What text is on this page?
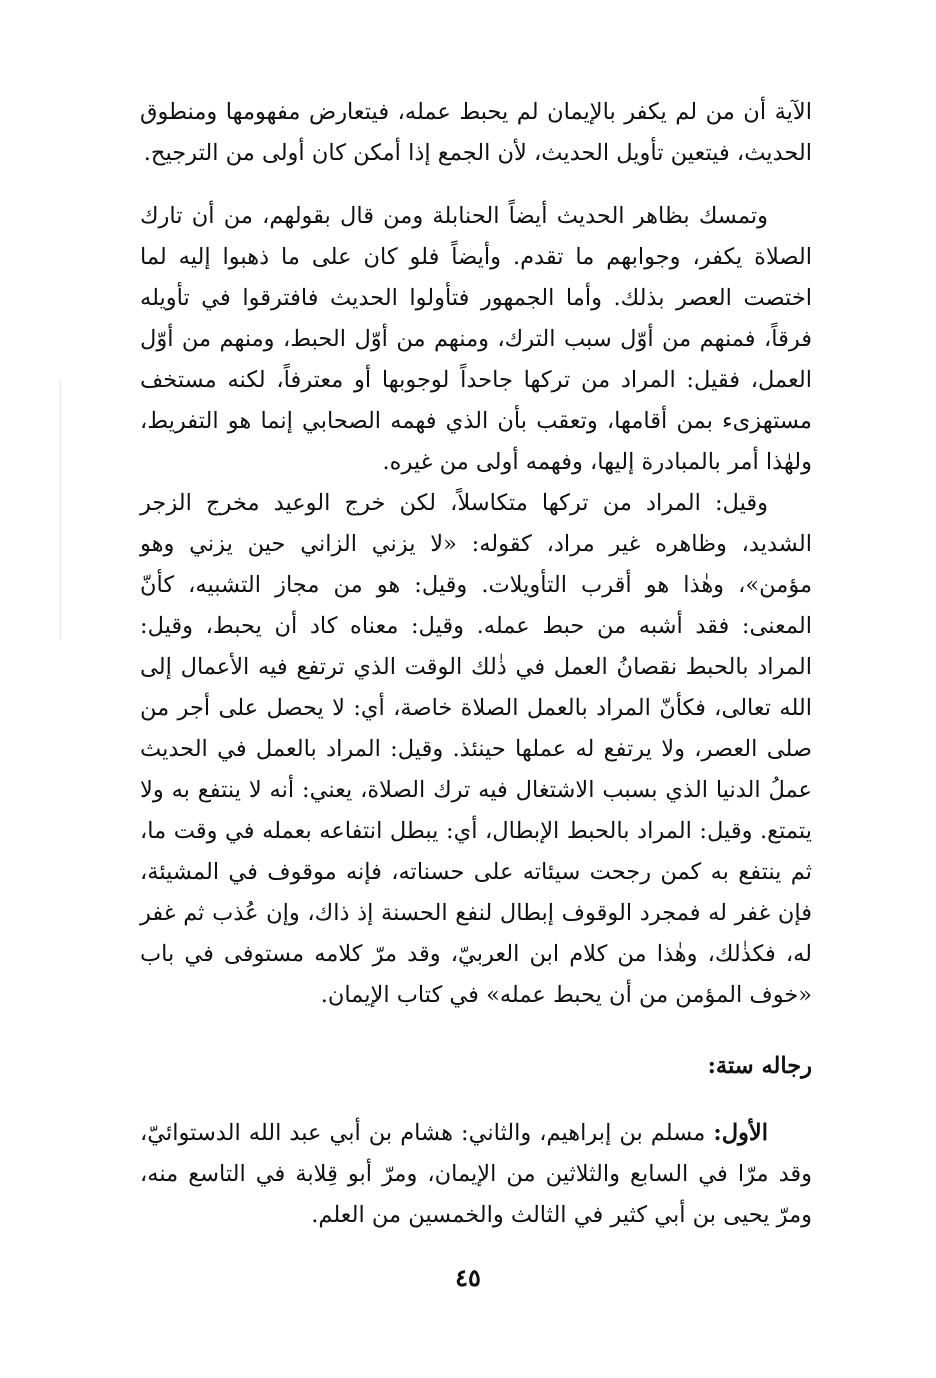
الآية أن من لم يكفر بالإيمان لم يحبط عمله، فيتعارض مفهومها ومنطوق الحديث، فيتعين تأويل الحديث، لأن الجمع إذا أمكن كان أولى من الترجيح.

وتمسك بظاهر الحديث أيضاً الحنابلة ومن قال بقولهم، من أن تارك الصلاة يكفر، وجوابهم ما تقدم. وأيضاً فلو كان على ما ذهبوا إليه لما اختصت العصر بذلك. وأما الجمهور فتأولوا الحديث فافترقوا في تأويله فرقاً، فمنهم من أوّل سبب الترك، ومنهم من أوّل الحبط، ومنهم من أوّل العمل، فقيل: المراد من تركها جاحداً لوجوبها أو معترفاً، لكنه مستخف مستهزىء بمن أقامها، وتعقب بأن الذي فهمه الصحابي إنما هو التفريط، ولهٰذا أمر بالمبادرة إليها، وفهمه أولى من غيره.

وقيل: المراد من تركها متكاسلاً، لكن خرج الوعيد مخرج الزجر الشديد، وظاهره غير مراد، كقوله: «لا يزني الزاني حين يزني وهو مؤمن»، وهٰذا هو أقرب التأويلات. وقيل: هو من مجاز التشبيه، كأنّ المعنى: فقد أشبه من حبط عمله. وقيل: معناه كاد أن يحبط، وقيل: المراد بالحبط نقصانُ العمل في ذٰلك الوقت الذي ترتفع فيه الأعمال إلى الله تعالى، فكأنّ المراد بالعمل الصلاة خاصة، أي: لا يحصل على أجر من صلى العصر، ولا يرتفع له عملها حينئذ. وقيل: المراد بالعمل في الحديث عملُ الدنيا الذي بسبب الاشتغال فيه ترك الصلاة، يعني: أنه لا ينتفع به ولا يتمتع. وقيل: المراد بالحبط الإبطال، أي: يبطل انتفاعه بعمله في وقت ما، ثم ينتفع به كمن رجحت سيئاته على حسناته، فإنه موقوف في المشيئة، فإن غفر له فمجرد الوقوف إبطال لنفع الحسنة إذ ذاك، وإن عُذب ثم غفر له، فكذٰلك، وهٰذا من كلام ابن العربيّ، وقد مرّ كلامه مستوفى في باب «خوف المؤمن من أن يحبط عمله» في كتاب الإيمان.

رجاله ستة:

الأول: مسلم بن إبراهيم، والثاني: هشام بن أبي عبد الله الدستوائيّ، وقد مرّا في السابع والثلاثين من الإيمان، ومرّ أبو قِلابة في التاسع منه، ومرّ يحيى بن أبي كثير في الثالث والخمسين من العلم.

٤٥
